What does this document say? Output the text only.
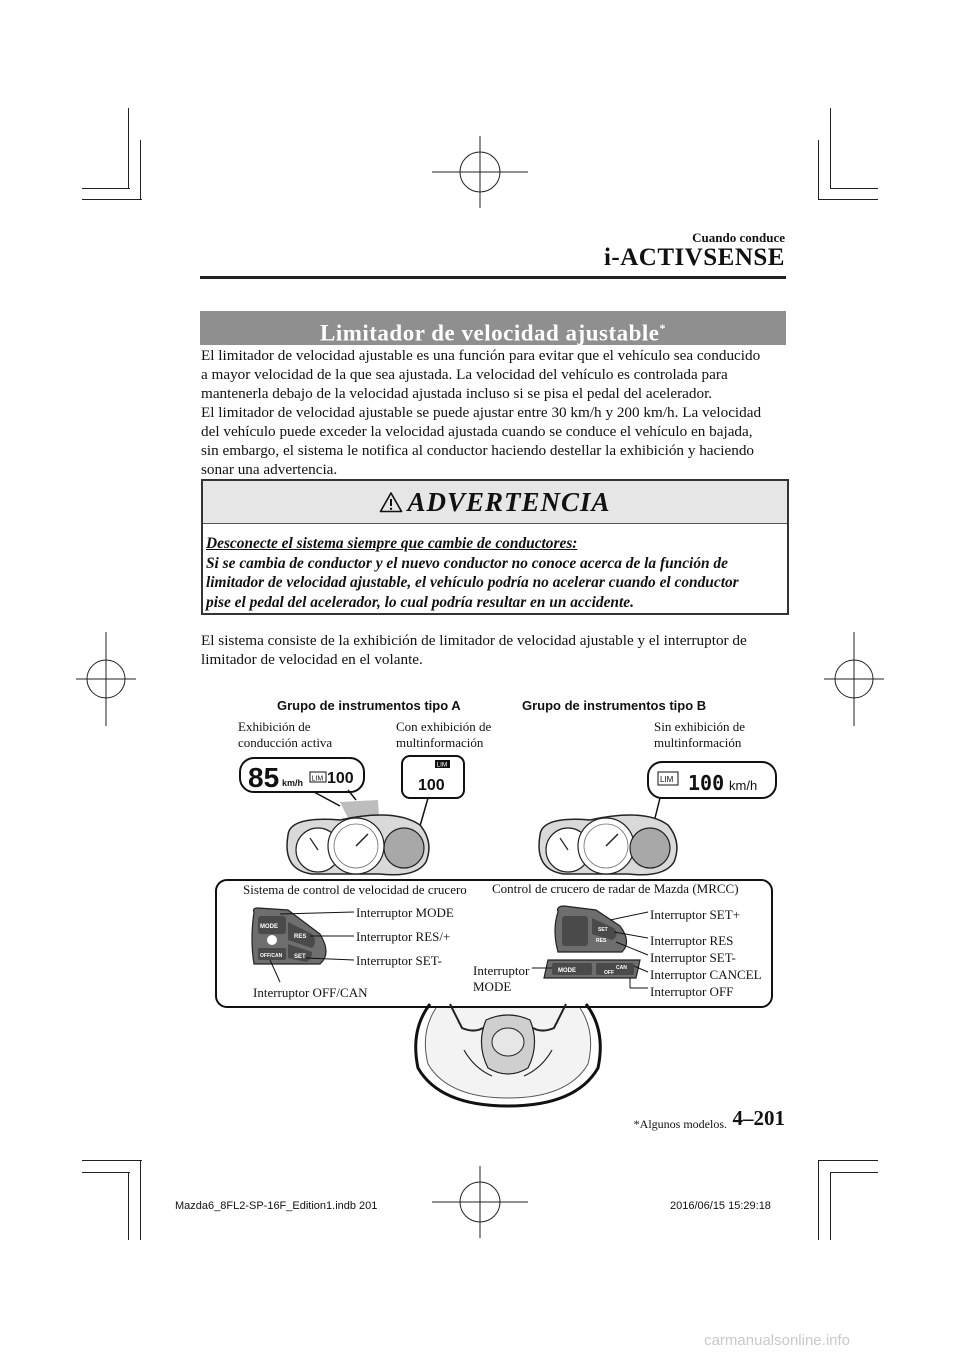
Cuando conduce
i-ACTIVSENSE
Limitador de velocidad ajustable*
El limitador de velocidad ajustable es una función para evitar que el vehículo sea conducido
a mayor velocidad de la que sea ajustada. La velocidad del vehículo es controlada para
mantenerla debajo de la velocidad ajustada incluso si se pisa el pedal del acelerador.
El limitador de velocidad ajustable se puede ajustar entre 30 km/h y 200 km/h. La velocidad
del vehículo puede exceder la velocidad ajustada cuando se conduce el vehículo en bajada,
sin embargo, el sistema le notifica al conductor haciendo destellar la exhibición y haciendo
sonar una advertencia.
ADVERTENCIA
Desconecte el sistema siempre que cambie de conductores:
Si se cambia de conductor y el nuevo conductor no conoce acerca de la función de
limitador de velocidad ajustable, el vehículo podría no acelerar cuando el conductor
pise el pedal del acelerador, lo cual podría resultar en un accidente.
El sistema consiste de la exhibición de limitador de velocidad ajustable y el interruptor de
limitador de velocidad en el volante.
Grupo de instrumentos tipo A	Grupo de instrumentos tipo B
Exhibición de
conducción activa
Con exhibición de
multinformación
Sin exhibición de
multinformación
85 km/h LIM 100
LIM
100	LIM 100 km/h
Sistema de control de velocidad de crucero Control de crucero de radar de Mazda (MRCC)
Interruptor MODE
Interruptor RES/+
Interruptor SET-
Interruptor OFF/CAN
Interruptor SET+
Interruptor RES
Interruptor SET-
Interruptor CANCEL
Interruptor OFF
Interruptor
MODE
MODE
RES
SET
OFF/CAN
SET
RES
MODE	CAN
OFF
*Algunos modelos. 4–201
Mazda6_8FL2-SP-16F_Edition1.indb 201	2016/06/15 15:29:18
carmanualsonline.info
